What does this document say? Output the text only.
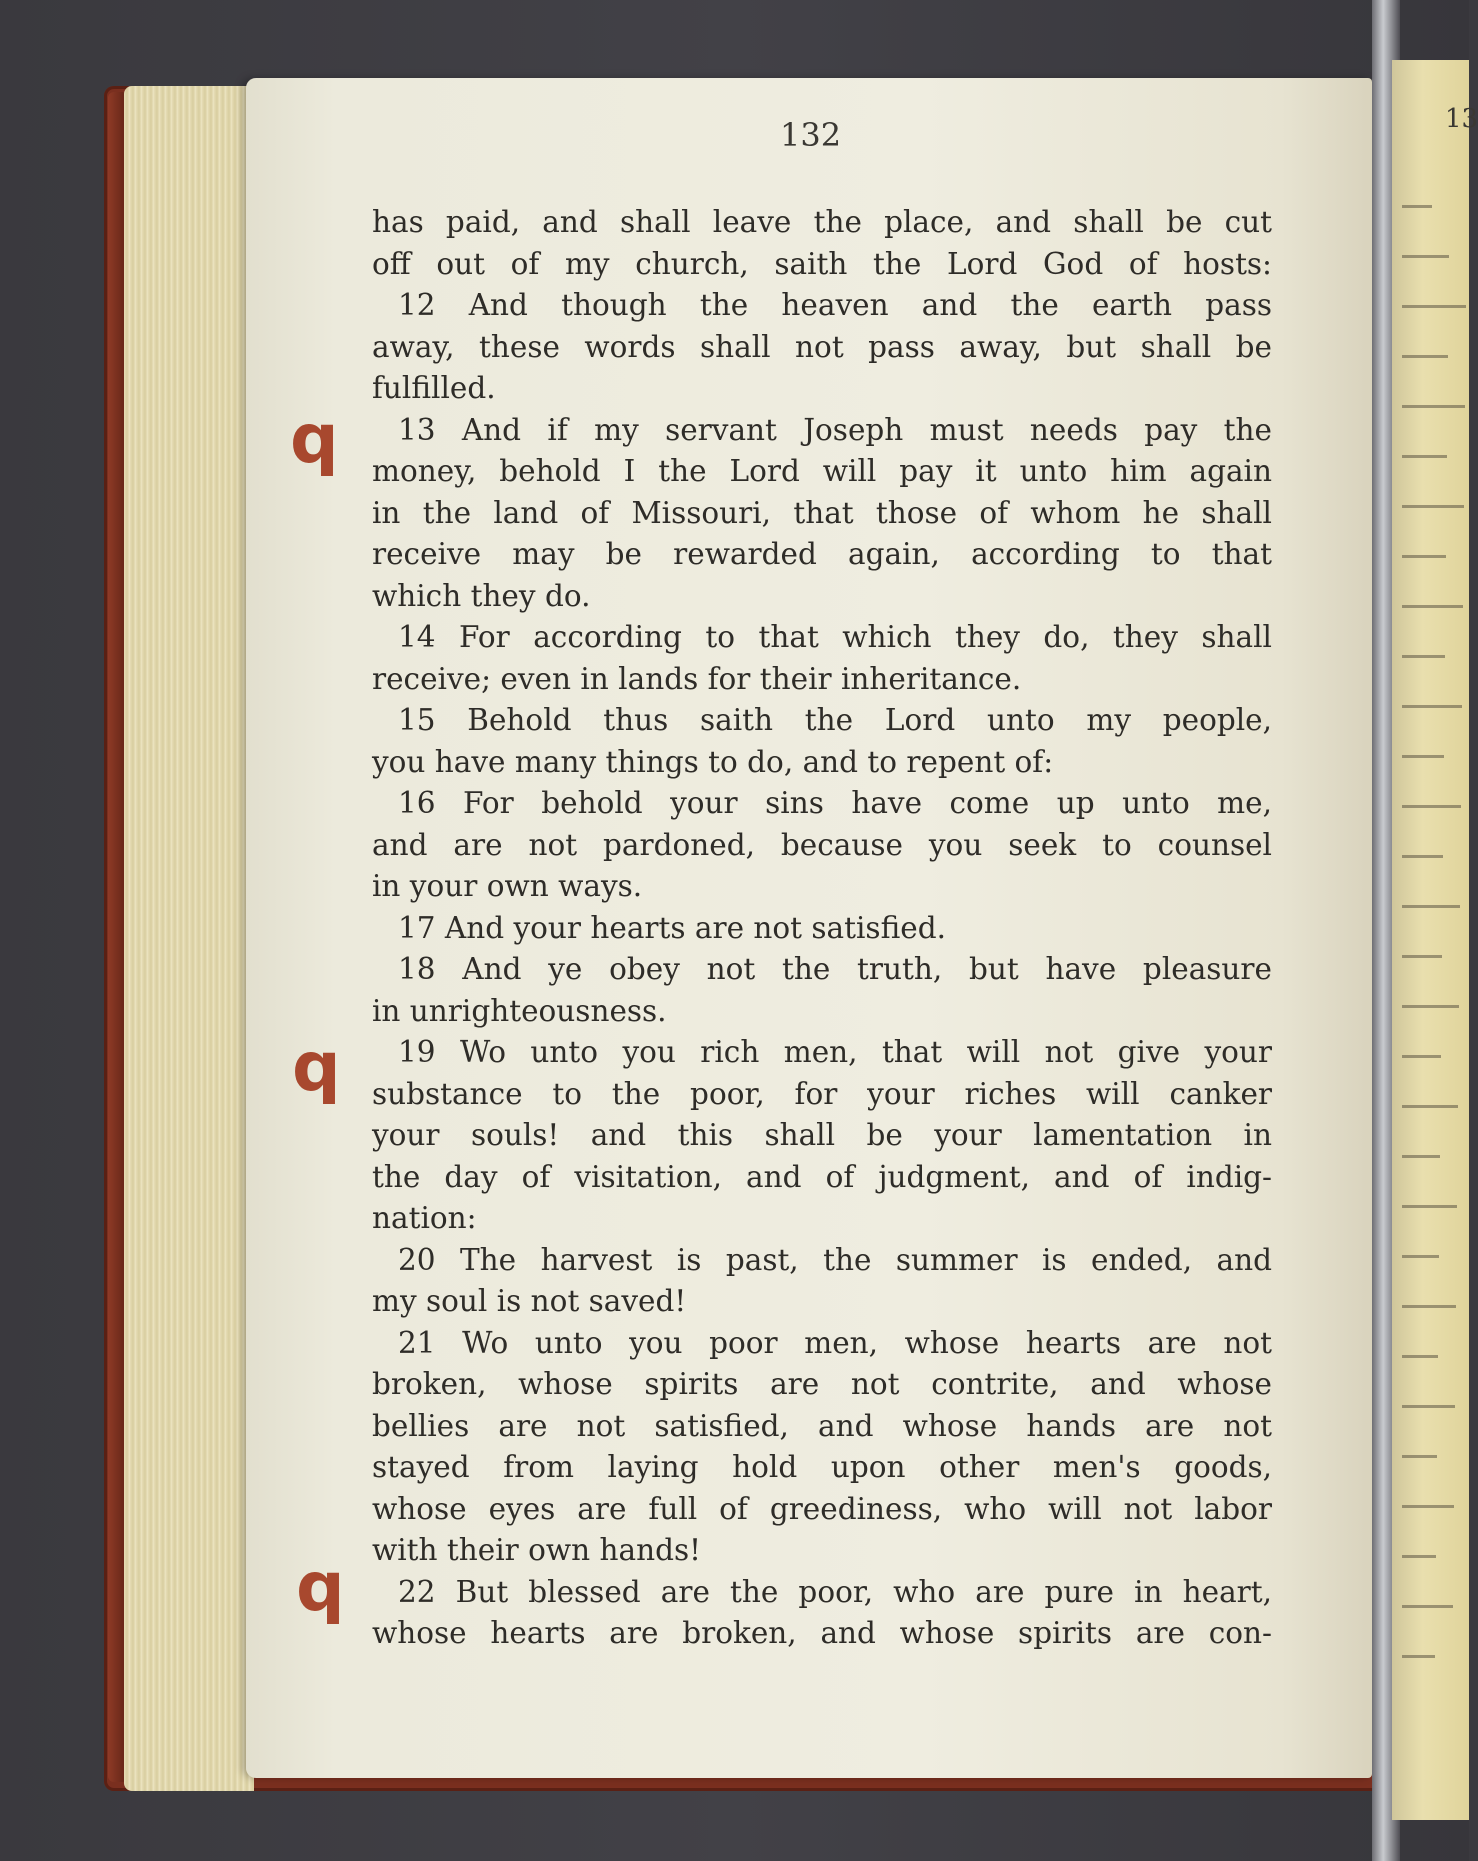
132
has paid, and shall leave the place, and shall be cut
off out of my church, saith the Lord God of hosts:
12 And though the heaven and the earth pass
away, these words shall not pass away, but shall be
fulfilled.
13 And if my servant Joseph must needs pay the
money, behold I the Lord will pay it unto him again
in the land of Missouri, that those of whom he shall
receive may be rewarded again, according to that
which they do.
14 For according to that which they do, they shall
receive; even in lands for their inheritance.
15 Behold thus saith the Lord unto my people,
you have many things to do, and to repent of:
16 For behold your sins have come up unto me,
and are not pardoned, because you seek to counsel
in your own ways.
17 And your hearts are not satisfied.
18 And ye obey not the truth, but have pleasure
in unrighteousness.
19 Wo unto you rich men, that will not give your
substance to the poor, for your riches will canker
your souls! and this shall be your lamentation in
the day of visitation, and of judgment, and of indig-
nation:
20 The harvest is past, the summer is ended, and
my soul is not saved!
21 Wo unto you poor men, whose hearts are not
broken, whose spirits are not contrite, and whose
bellies are not satisfied, and whose hands are not
stayed from laying hold upon other men's goods,
whose eyes are full of greediness, who will not labor
with their own hands!
22 But blessed are the poor, who are pure in heart,
whose hearts are broken, and whose spirits are con-
q
q
q
13
